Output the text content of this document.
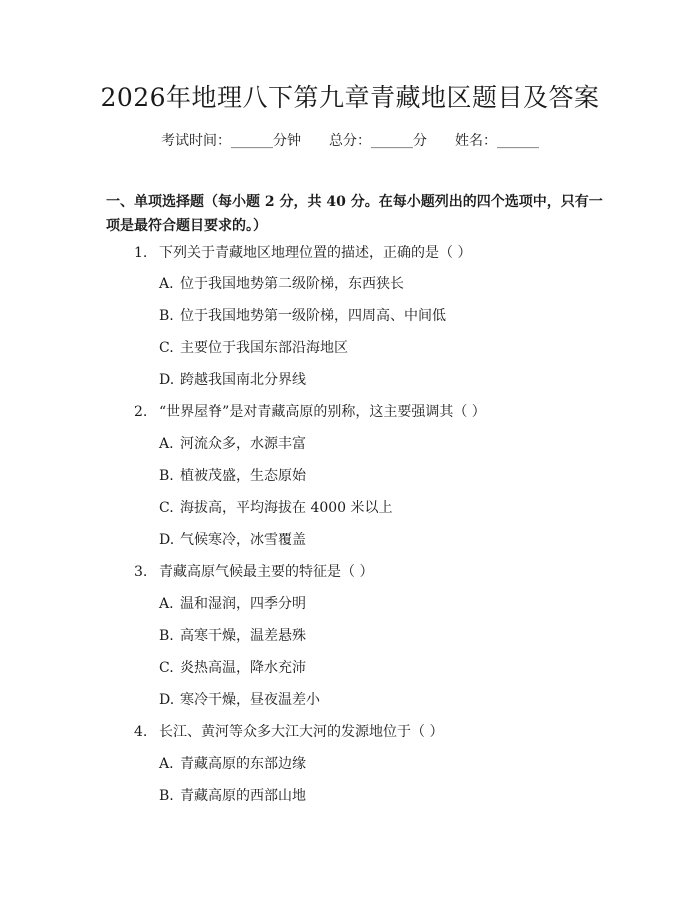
2026年地理八下第九章青藏地区题目及答案
考试时间：______分钟 总分：______分 姓名：______
一、单项选择题（每小题 2 分，共 40 分。在每小题列出的四个选项中，只有一项是最符合题目要求的。）
1. 下列关于青藏地区地理位置的描述，正确的是（ ）
A. 位于我国地势第二级阶梯，东西狭长
B. 位于我国地势第一级阶梯，四周高、中间低
C. 主要位于我国东部沿海地区
D. 跨越我国南北分界线
2. “世界屋脊”是对青藏高原的别称，这主要强调其（ ）
A. 河流众多，水源丰富
B. 植被茂盛，生态原始
C. 海拔高，平均海拔在 4000 米以上
D. 气候寒冷，冰雪覆盖
3. 青藏高原气候最主要的特征是（ ）
A. 温和湿润，四季分明
B. 高寒干燥，温差悬殊
C. 炎热高温，降水充沛
D. 寒冷干燥，昼夜温差小
4. 长江、黄河等众多大江大河的发源地位于（ ）
A. 青藏高原的东部边缘
B. 青藏高原的西部山地
